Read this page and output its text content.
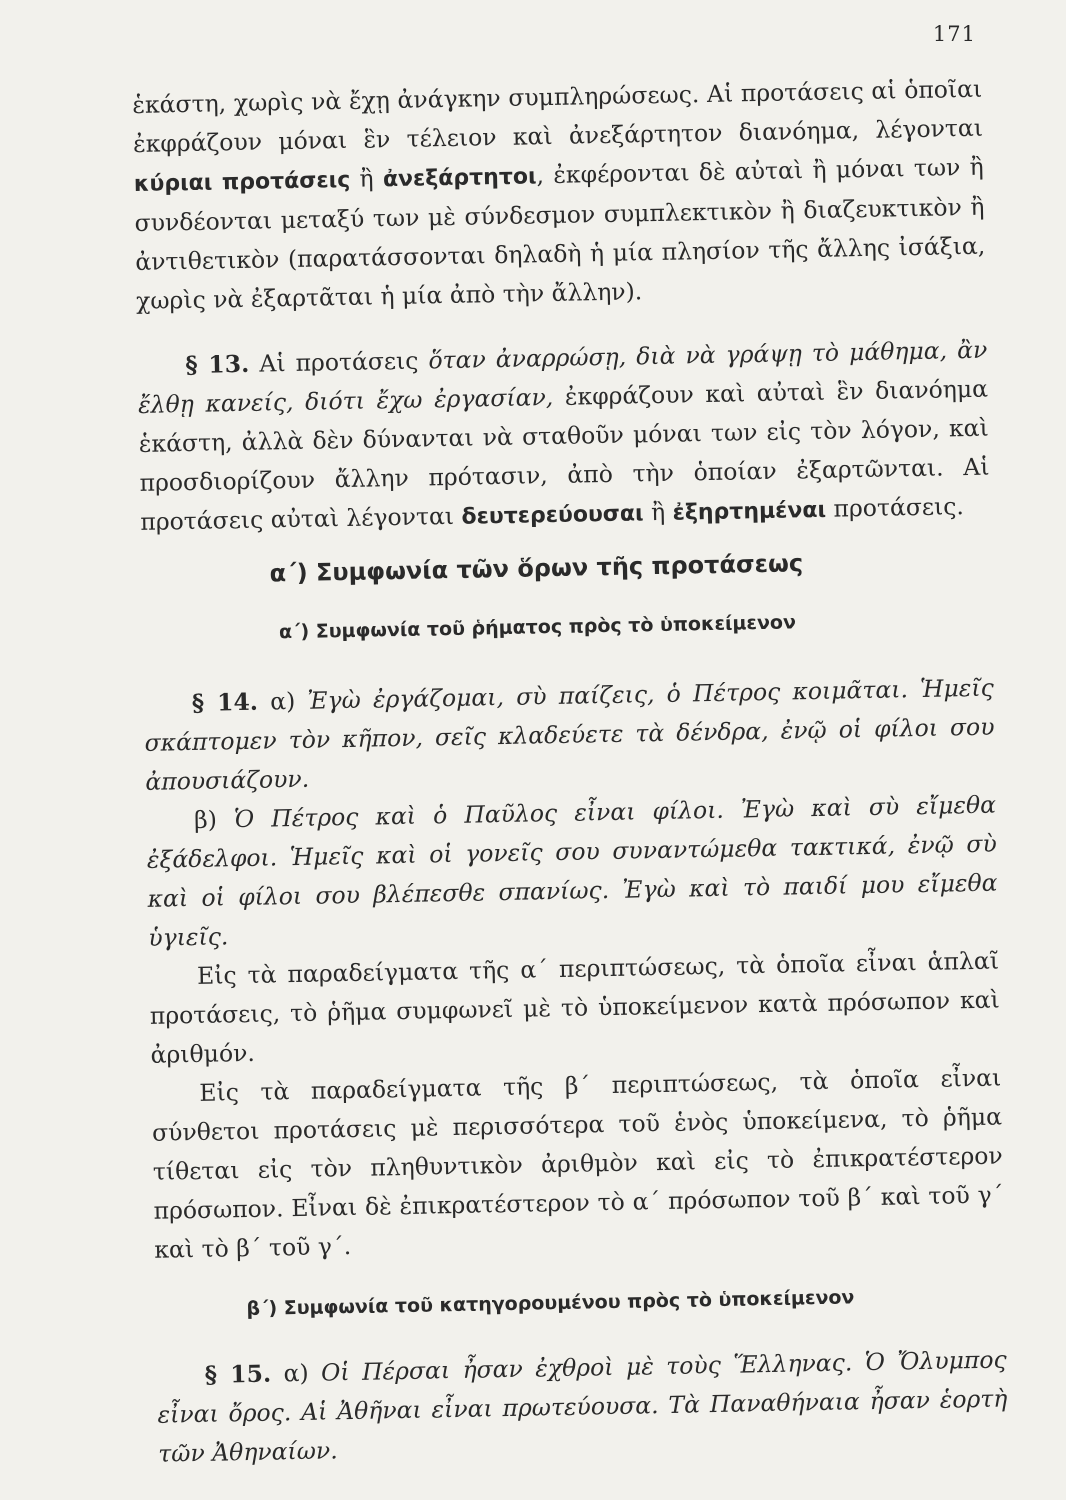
171

ἑκάστη, χωρὶς νὰ ἔχῃ ἀνάγκην συμπληρώσεως. Αἱ προτάσεις αἱ ὁποῖαι ἐκφράζουν μόναι ἓν τέλειον καὶ ἀνεξάρτητον διανόημα, λέγονται κύριαι προτάσεις ἢ ἀνεξάρτητοι, ἐκφέρονται δὲ αὐταὶ ἢ μόναι των ἢ συνδέονται μεταξύ των μὲ σύνδεσμον συμπλεκτικὸν ἢ διαζευκτικὸν ἢ ἀντιθετικὸν (παρατάσσονται δηλαδὴ ἡ μία πλησίον τῆς ἄλλης ἰσάξια, χωρὶς νὰ ἐξαρτᾶται ἡ μία ἀπὸ τὴν ἄλλην).

§ 13. Αἱ προτάσεις ὅταν ἀναρρώσῃ, διὰ νὰ γράψῃ τὸ μάθημα, ἂν ἔλθῃ κανείς, διότι ἔχω ἐργασίαν, ἐκφράζουν καὶ αὐταὶ ἓν διανόημα ἑκάστη, ἀλλὰ δὲν δύνανται νὰ σταθοῦν μόναι των εἰς τὸν λόγον, καὶ προσδιορίζουν ἄλλην πρότασιν, ἀπὸ τὴν ὁποίαν ἐξαρτῶνται. Αἱ προτάσεις αὐταὶ λέγονται δευτερεύουσαι ἢ ἐξηρτημέναι προτάσεις.

α΄) Συμφωνία τῶν ὅρων τῆς προτάσεως
α΄) Συμφωνία τοῦ ῥήματος πρὸς τὸ ὑποκείμενον

§ 14. α) Ἐγὼ ἐργάζομαι, σὺ παίζεις, ὁ Πέτρος κοιμᾶται. Ἡμεῖς σκάπτομεν τὸν κῆπον, σεῖς κλαδεύετε τὰ δένδρα, ἐνῷ οἱ φίλοι σου ἀπουσιάζουν.

β) Ὁ Πέτρος καὶ ὁ Παῦλος εἶναι φίλοι. Ἐγὼ καὶ σὺ εἴμεθα ἐξάδελφοι. Ἡμεῖς καὶ οἱ γονεῖς σου συναντώμεθα τακτικά, ἐνῷ σὺ καὶ οἱ φίλοι σου βλέπεσθε σπανίως. Ἐγὼ καὶ τὸ παιδί μου εἴμεθα ὑγιεῖς.

Εἰς τὰ παραδείγματα τῆς α΄ περιπτώσεως, τὰ ὁποῖα εἶναι ἁπλαῖ προτάσεις, τὸ ῥῆμα συμφωνεῖ μὲ τὸ ὑποκείμενον κατὰ πρόσωπον καὶ ἀριθμόν.

Εἰς τὰ παραδείγματα τῆς β΄ περιπτώσεως, τὰ ὁποῖα εἶναι σύνθετοι προτάσεις μὲ περισσότερα τοῦ ἑνὸς ὑποκείμενα, τὸ ῥῆμα τίθεται εἰς τὸν πληθυντικὸν ἀριθμὸν καὶ εἰς τὸ ἐπικρατέστερον πρόσωπον. Εἶναι δὲ ἐπικρατέστερον τὸ α΄ πρόσωπον τοῦ β΄ καὶ τοῦ γ΄ καὶ τὸ β΄ τοῦ γ΄.

β΄) Συμφωνία τοῦ κατηγορουμένου πρὸς τὸ ὑποκείμενον

§ 15. α) Οἱ Πέρσαι ἦσαν ἐχθροὶ μὲ τοὺς Ἕλληνας. Ὁ Ὄλυμπος εἶναι ὄρος. Αἱ Ἀθῆναι εἶναι πρωτεύουσα. Τὰ Παναθήναια ἦσαν ἑορτὴ τῶν Ἀθηναίων.
